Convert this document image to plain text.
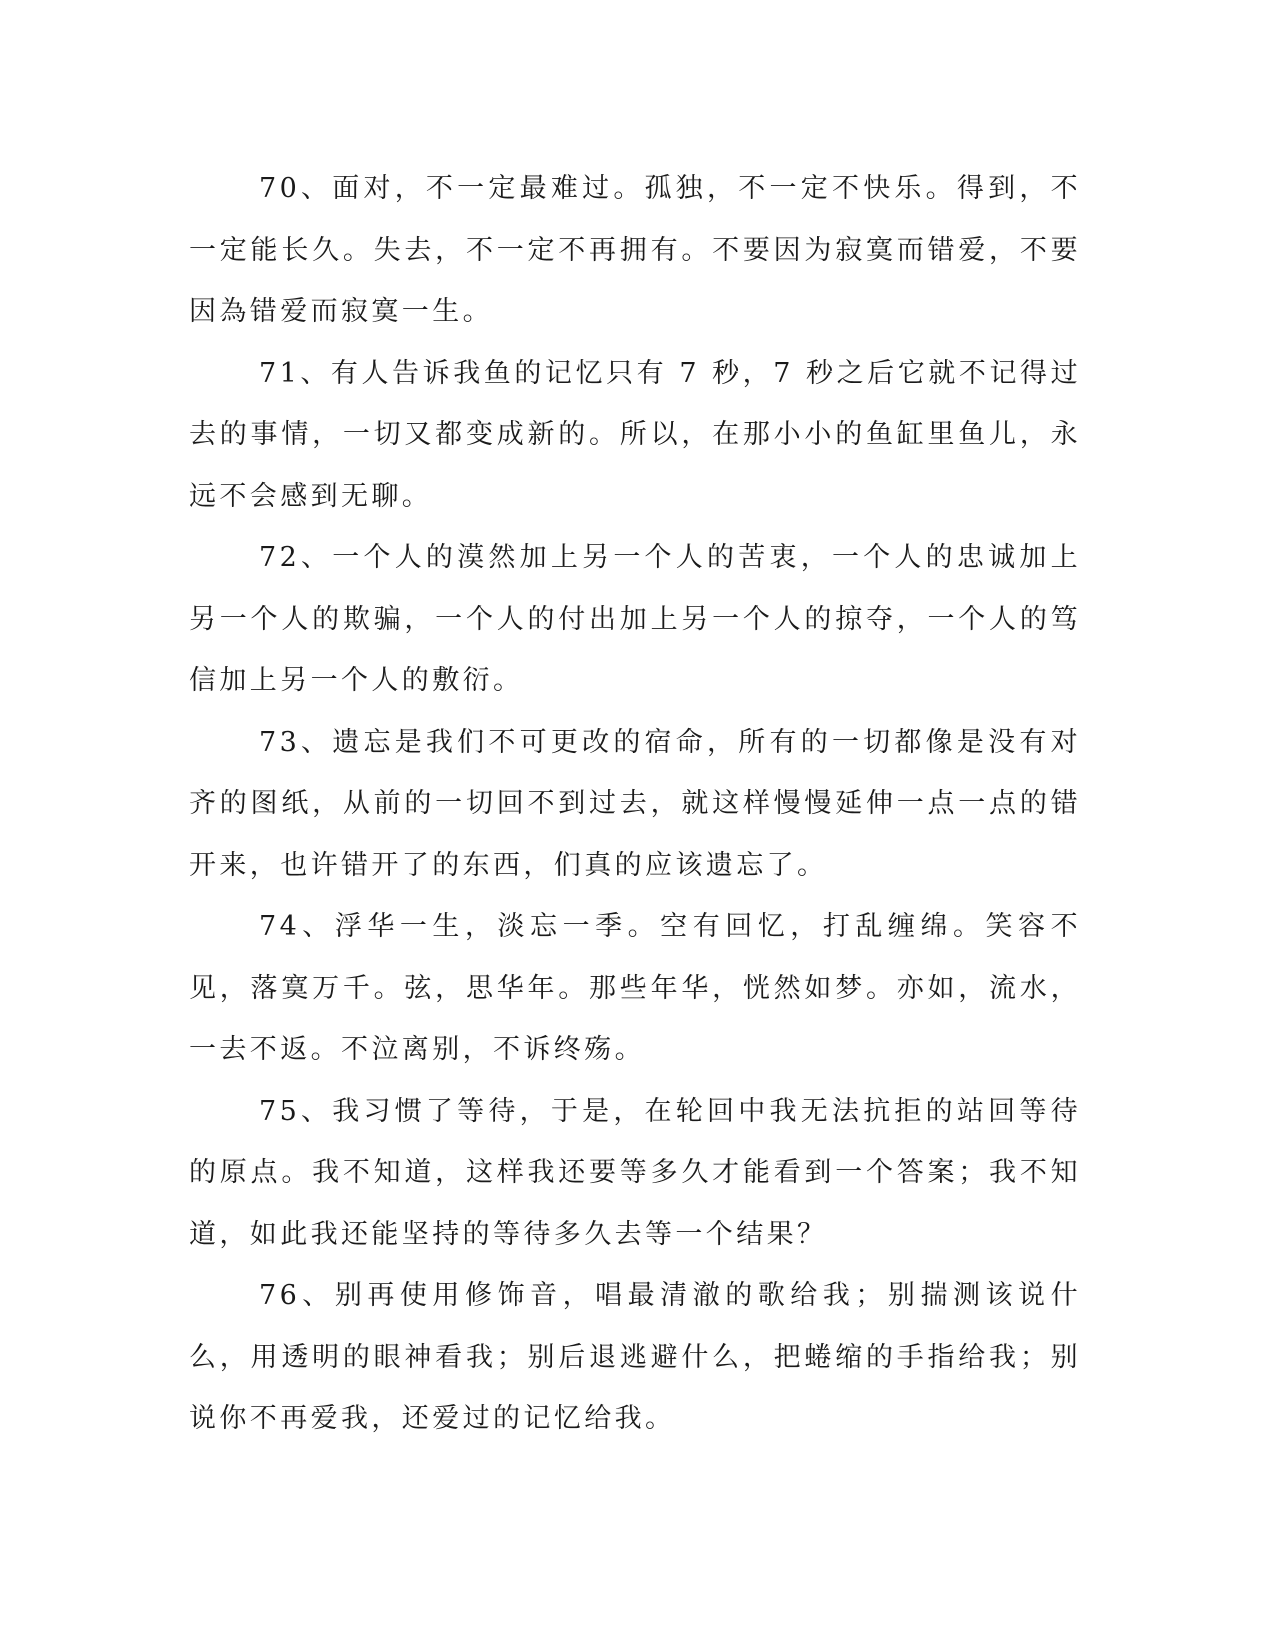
70、面对，不一定最难过。孤独，不一定不快乐。得到，不一定能长久。失去，不一定不再拥有。不要因为寂寞而错爱，不要因為错爱而寂寞一生。

71、有人告诉我鱼的记忆只有 7 秒，7 秒之后它就不记得过去的事情，一切又都变成新的。所以，在那小小的鱼缸里鱼儿，永远不会感到无聊。

72、一个人的漠然加上另一个人的苦衷，一个人的忠诚加上另一个人的欺骗，一个人的付出加上另一个人的掠夺，一个人的笃信加上另一个人的敷衍。

73、遗忘是我们不可更改的宿命，所有的一切都像是没有对齐的图纸，从前的一切回不到过去，就这样慢慢延伸一点一点的错开来，也许错开了的东西，们真的应该遗忘了。

74、浮华一生，淡忘一季。空有回忆，打乱缠绵。笑容不见，落寞万千。弦，思华年。那些年华，恍然如梦。亦如，流水，一去不返。不泣离别，不诉终殇。

75、我习惯了等待，于是，在轮回中我无法抗拒的站回等待的原点。我不知道，这样我还要等多久才能看到一个答案；我不知道，如此我还能坚持的等待多久去等一个结果？

76、别再使用修饰音，唱最清澈的歌给我；别揣测该说什么，用透明的眼神看我；别后退逃避什么，把蜷缩的手指给我；别说你不再爱我，还爱过的记忆给我。
